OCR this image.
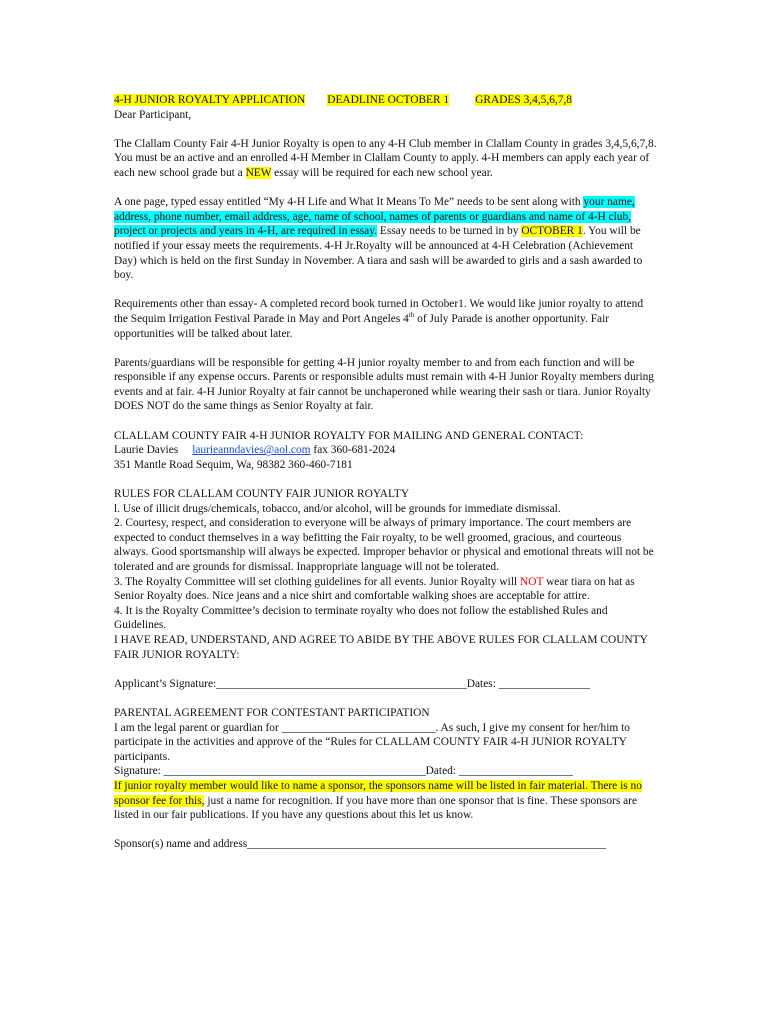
4-H JUNIOR ROYALTY APPLICATION DEADLINE OCTOBER 1 GRADES 3,4,5,6,7,8

Dear Participant,

The Clallam County Fair 4-H Junior Royalty is open to any 4-H Club member in Clallam County in grades 3,4,5,6,7,8. You must be an active and an enrolled 4-H Member in Clallam County to apply. 4-H members can apply each year of each new school grade but a NEW essay will be required for each new school year.

A one page, typed essay entitled “My 4-H Life and What It Means To Me” needs to be sent along with your name, address, phone number, email address, age, name of school, names of parents or guardians and name of 4-H club, project or projects and years in 4-H, are required in essay. Essay needs to be turned in by OCTOBER 1. You will be notified if your essay meets the requirements. 4-H Jr.Royalty will be announced at 4-H Celebration (Achievement Day) which is held on the first Sunday in November. A tiara and sash will be awarded to girls and a sash awarded to boy.

Requirements other than essay- A completed record book turned in October1. We would like junior royalty to attend the Sequim Irrigation Festival Parade in May and Port Angeles 4th of July Parade is another opportunity. Fair opportunities will be talked about later.

Parents/guardians will be responsible for getting 4-H junior royalty member to and from each function and will be responsible if any expense occurs. Parents or responsible adults must remain with 4-H Junior Royalty members during events and at fair. 4-H Junior Royalty at fair cannot be unchaperoned while wearing their sash or tiara. Junior Royalty DOES NOT do the same things as Senior Royalty at fair.

CLALLAM COUNTY FAIR 4-H JUNIOR ROYALTY FOR MAILING AND GENERAL CONTACT:

Laurie Davies laurieanndavies@aol.com fax 360-681-2024

351 Mantle Road Sequim, Wa, 98382 360-460-7181

RULES FOR CLALLAM COUNTY FAIR JUNIOR ROYALTY

l. Use of illicit drugs/chemicals, tobacco, and/or alcohol, will be grounds for immediate dismissal.

2. Courtesy, respect, and consideration to everyone will be always of primary importance. The court members are expected to conduct themselves in a way befitting the Fair royalty, to be well groomed, gracious, and courteous always. Good sportsmanship will always be expected. Improper behavior or physical and emotional threats will not be tolerated and are grounds for dismissal. Inappropriate language will not be tolerated.

3. The Royalty Committee will set clothing guidelines for all events. Junior Royalty will NOT wear tiara on hat as Senior Royalty does. Nice jeans and a nice shirt and comfortable walking shoes are acceptable for attire.

4. It is the Royalty Committee’s decision to terminate royalty who does not follow the established Rules and Guidelines.

I HAVE READ, UNDERSTAND, AND AGREE TO ABIDE BY THE ABOVE RULES FOR CLALLAM COUNTY FAIR JUNIOR ROYALTY:

Applicant’s Signature:____________________________________________Dates: ________________

PARENTAL AGREEMENT FOR CONTESTANT PARTICIPATION

I am the legal parent or guardian for ___________________________. As such, I give my consent for her/him to participate in the activities and approve of the “Rules for CLALLAM COUNTY FAIR 4-H JUNIOR ROYALTY participants.

Signature: ______________________________________________Dated: ____________________

If junior royalty member would like to name a sponsor, the sponsors name will be listed in fair material. There is no sponsor fee for this, just a name for recognition. If you have more than one sponsor that is fine. These sponsors are listed in our fair publications. If you have any questions about this let us know.

Sponsor(s) name and address_______________________________________________________________
